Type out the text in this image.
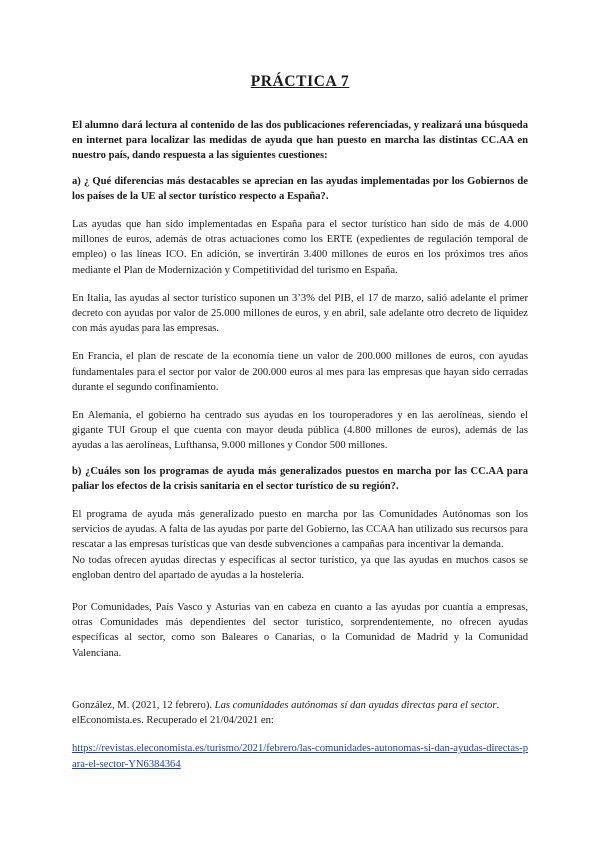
PRÁCTICA 7

El alumno dará lectura al contenido de las dos publicaciones referenciadas, y realizará una búsqueda en internet para localizar las medidas de ayuda que han puesto en marcha las distintas CC.AA en nuestro país, dando respuesta a las siguientes cuestiones:

a) ¿ Qué diferencias más destacables se aprecian en las ayudas implementadas por los Gobiernos de los países de la UE al sector turístico respecto a España?.

Las ayudas que han sido implementadas en España para el sector turístico han sido de más de 4.000 millones de euros, además de otras actuaciones como los ERTE (expedientes de regulación temporal de empleo) o las líneas ICO. En adición, se invertirán 3.400 millones de euros en los próximos tres años mediante el Plan de Modernización y Competitividad del turismo en España.

En Italia, las ayudas al sector turístico suponen un 3’3% del PIB, el 17 de marzo, salió adelante el primer decreto con ayudas por valor de 25.000 millones de euros, y en abril, sale adelante otro decreto de liquidez con más ayudas para las empresas.

En Francia, el plan de rescate de la economía tiene un valor de 200.000 millones de euros, con ayudas fundamentales para el sector por valor de 200.000 euros al mes para las empresas que hayan sido cerradas durante el segundo confinamiento.

En Alemania, el gobierno ha centrado sus ayudas en los touroperadores y en las aerolíneas, siendo el gigante TUI Group el que cuenta con mayor deuda pública (4.800 millones de euros), además de las ayudas a las aerolíneas, Lufthansa, 9.000 millones y Condor 500 millones.

b) ¿Cuáles son los programas de ayuda más generalizados puestos en marcha por las CC.AA para paliar los efectos de la crisis sanitaria en el sector turístico de su región?.

El programa de ayuda más generalizado puesto en marcha por las Comunidades Autónomas son los servicios de ayudas. A falta de las ayudas por parte del Gobierno, las CCAA han utilizado sus recursos para rescatar a las empresas turísticas que van desde subvenciones a campañas para incentivar la demanda.

No todas ofrecen ayudas directas y específicas al sector turístico, ya que las ayudas en muchos casos se engloban dentro del apartado de ayudas a la hostelería.

Por Comunidades, País Vasco y Asturias van en cabeza en cuanto a las ayudas por cuantía a empresas, otras Comunidades más dependientes del sector turístico, sorprendentemente, no ofrecen ayudas específicas al sector, como son Baleares o Canarias, o la Comunidad de Madrid y la Comunidad Valenciana.

González, M. (2021, 12 febrero). Las comunidades autónomas sí dan ayudas directas para el sector. elEconomista.es. Recuperado el 21/04/2021 en:

https://revistas.eleconomista.es/turismo/2021/febrero/las-comunidades-autonomas-si-dan-ayudas-directas-para-el-sector-YN6384364
